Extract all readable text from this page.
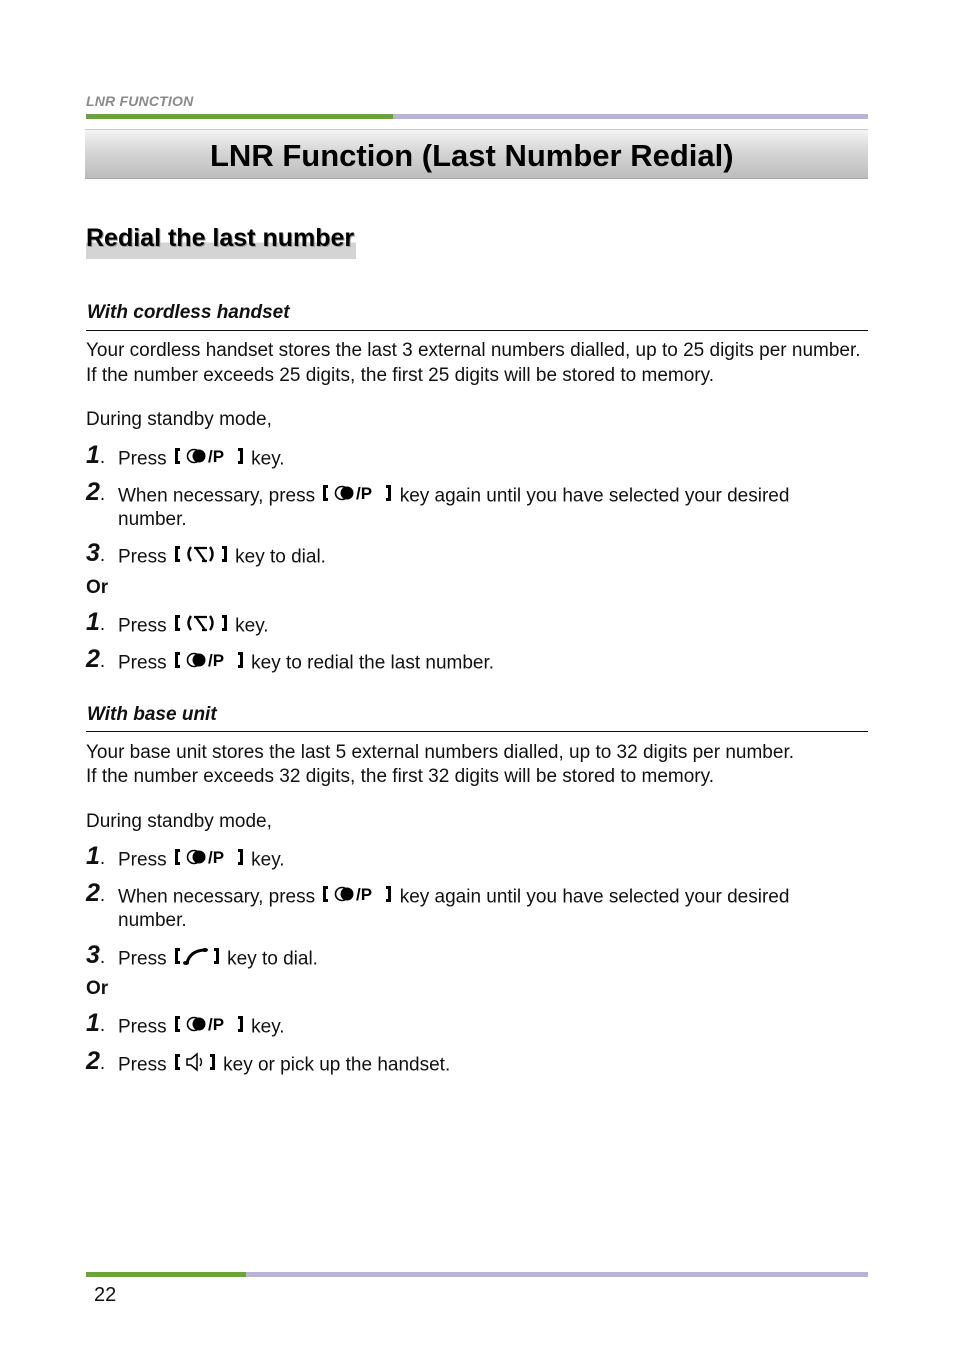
LNR FUNCTION
LNR Function (Last Number Redial)
Redial the last number
With cordless handset
Your cordless handset stores the last 3 external numbers dialled, up to 25 digits per number.
If the number exceeds 25 digits, the first 25 digits will be stored to memory.
During standby mode,
1. Press /P key.
2. When necessary, press /P key again until you have selected your desired
number.
3. Press	key to dial.
Or
1. Press	key.
2. Press /P key to redial the last number.
With base unit
Your base unit stores the last 5 external numbers dialled, up to 32 digits per number.
If the number exceeds 32 digits, the first 32 digits will be stored to memory.
During standby mode,
1. Press /P key.
2. When necessary, press /P key again until you have selected your desired
number.
3. Press	key to dial.
Or
1. Press /P key.
2. Press	key or pick up the handset.
22
